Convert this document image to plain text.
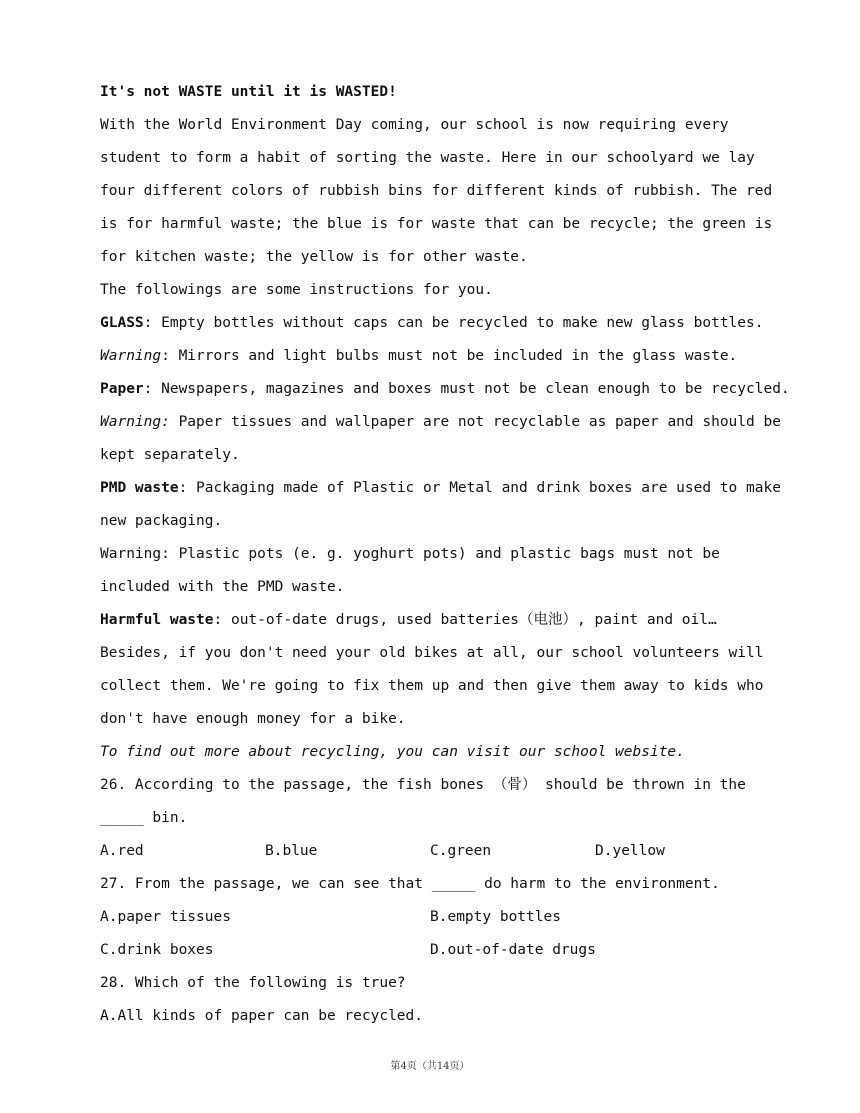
It's not WASTE until it is WASTED!
With the World Environment Day coming, our school is now requiring every
student to form a habit of sorting the waste. Here in our schoolyard we lay
four different colors of rubbish bins for different kinds of rubbish. The red
is for harmful waste; the blue is for waste that can be recycle; the green is
for kitchen waste; the yellow is for other waste.
The followings are some instructions for you.
GLASS: Empty bottles without caps can be recycled to make new glass bottles.
Warning: Mirrors and light bulbs must not be included in the glass waste.
Paper: Newspapers, magazines and boxes must not be clean enough to be recycled.
Warning: Paper tissues and wallpaper are not recyclable as paper and should be
kept separately.
PMD waste: Packaging made of Plastic or Metal and drink boxes are used to make
new packaging.
Warning: Plastic pots (e. g. yoghurt pots) and plastic bags must not be
included with the PMD waste.
Harmful waste: out-of-date drugs, used batteries（电池）, paint and oil…
Besides, if you don't need your old bikes at all, our school volunteers will
collect them. We're going to fix them up and then give them away to kids who
don't have enough money for a bike.
To find out more about recycling, you can visit our school website.
26. According to the passage, the fish bones （骨） should be thrown in the
_____ bin.
A.red	B.blue	C.green	D.yellow
27. From the passage, we can see that _____ do harm to the environment.
A.paper tissues	B.empty bottles
C.drink boxes	D.out-of-date drugs
28. Which of the following is true?
A.All kinds of paper can be recycled.
第4页（共14页）
